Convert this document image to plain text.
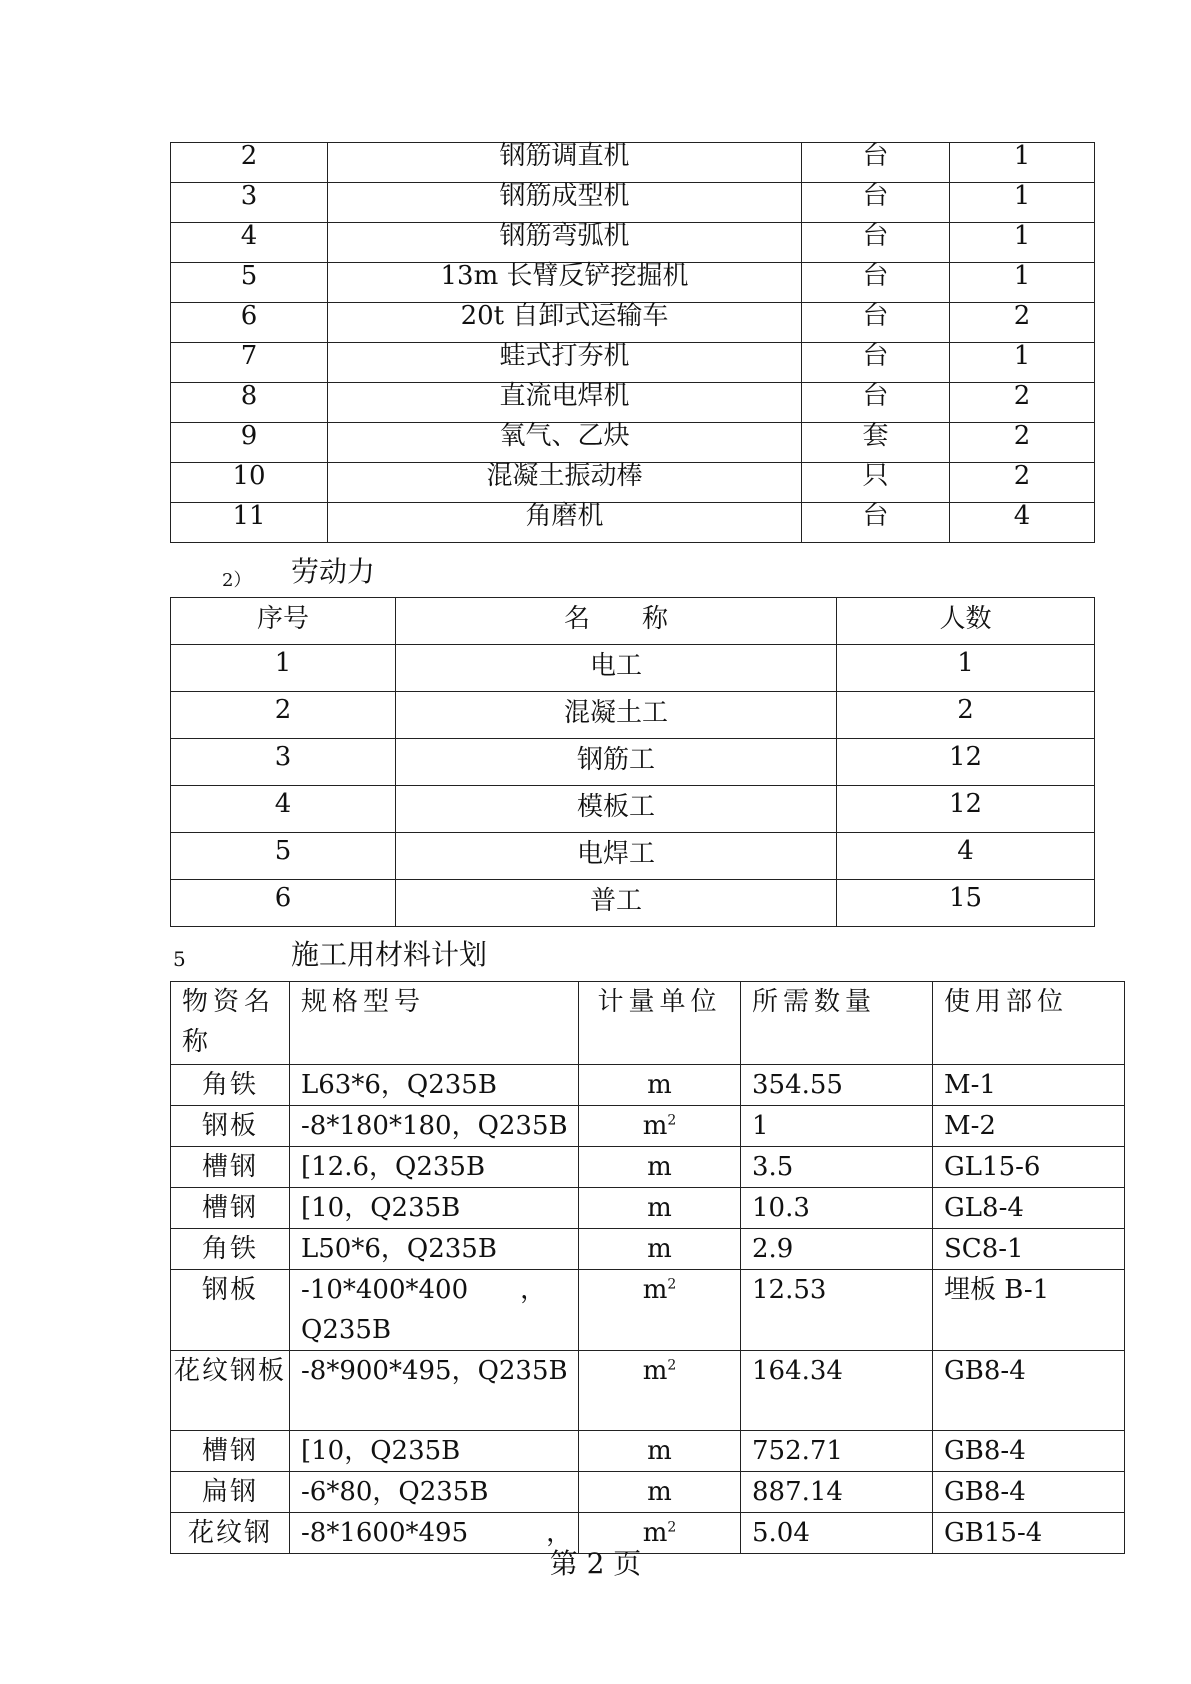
2	钢筋调直机	台	1
3	钢筋成型机	台	1
4	钢筋弯弧机	台	1
5	13m 长臂反铲挖掘机	台	1
6	20t 自卸式运输车	台	2
7	蛙式打夯机	台	1
8	直流电焊机	台	2
9	氧气、乙炔	套	2
10	混凝土振动棒	只	2
11	角磨机	台	4
2） 劳动力
序号	名　　称	人数
1	电工	1
2	混凝土工	2
3	钢筋工	12
4	模板工	12
5	电焊工	4
6	普工	15
5	施工用材料计划
物资名称	规格型号	计量单位	所需数量	使用部位
角铁	L63*6，Q235B	m	354.55	M-1
钢板	-8*180*180，Q235B	$m^2$	1	M-2
槽钢	[12.6，Q235B	m	3.5	GL15-6
槽钢	[10，Q235B	m	10.3	GL8-4
角铁	L50*6，Q235B	m	2.9	SC8-1
钢板	-10*400*400　　，Q235B	$m^2$	12.53	埋板 B-1
花纹钢板	-8*900*495，Q235B	$m^2$	164.34	GB8-4
槽钢	[10，Q235B	m	752.71	GB8-4
扁钢	-6*80，Q235B	m	887.14	GB8-4
花纹钢	-8*1600*495　　　，	$m^2$	5.04	GB15-4
第 2 页
